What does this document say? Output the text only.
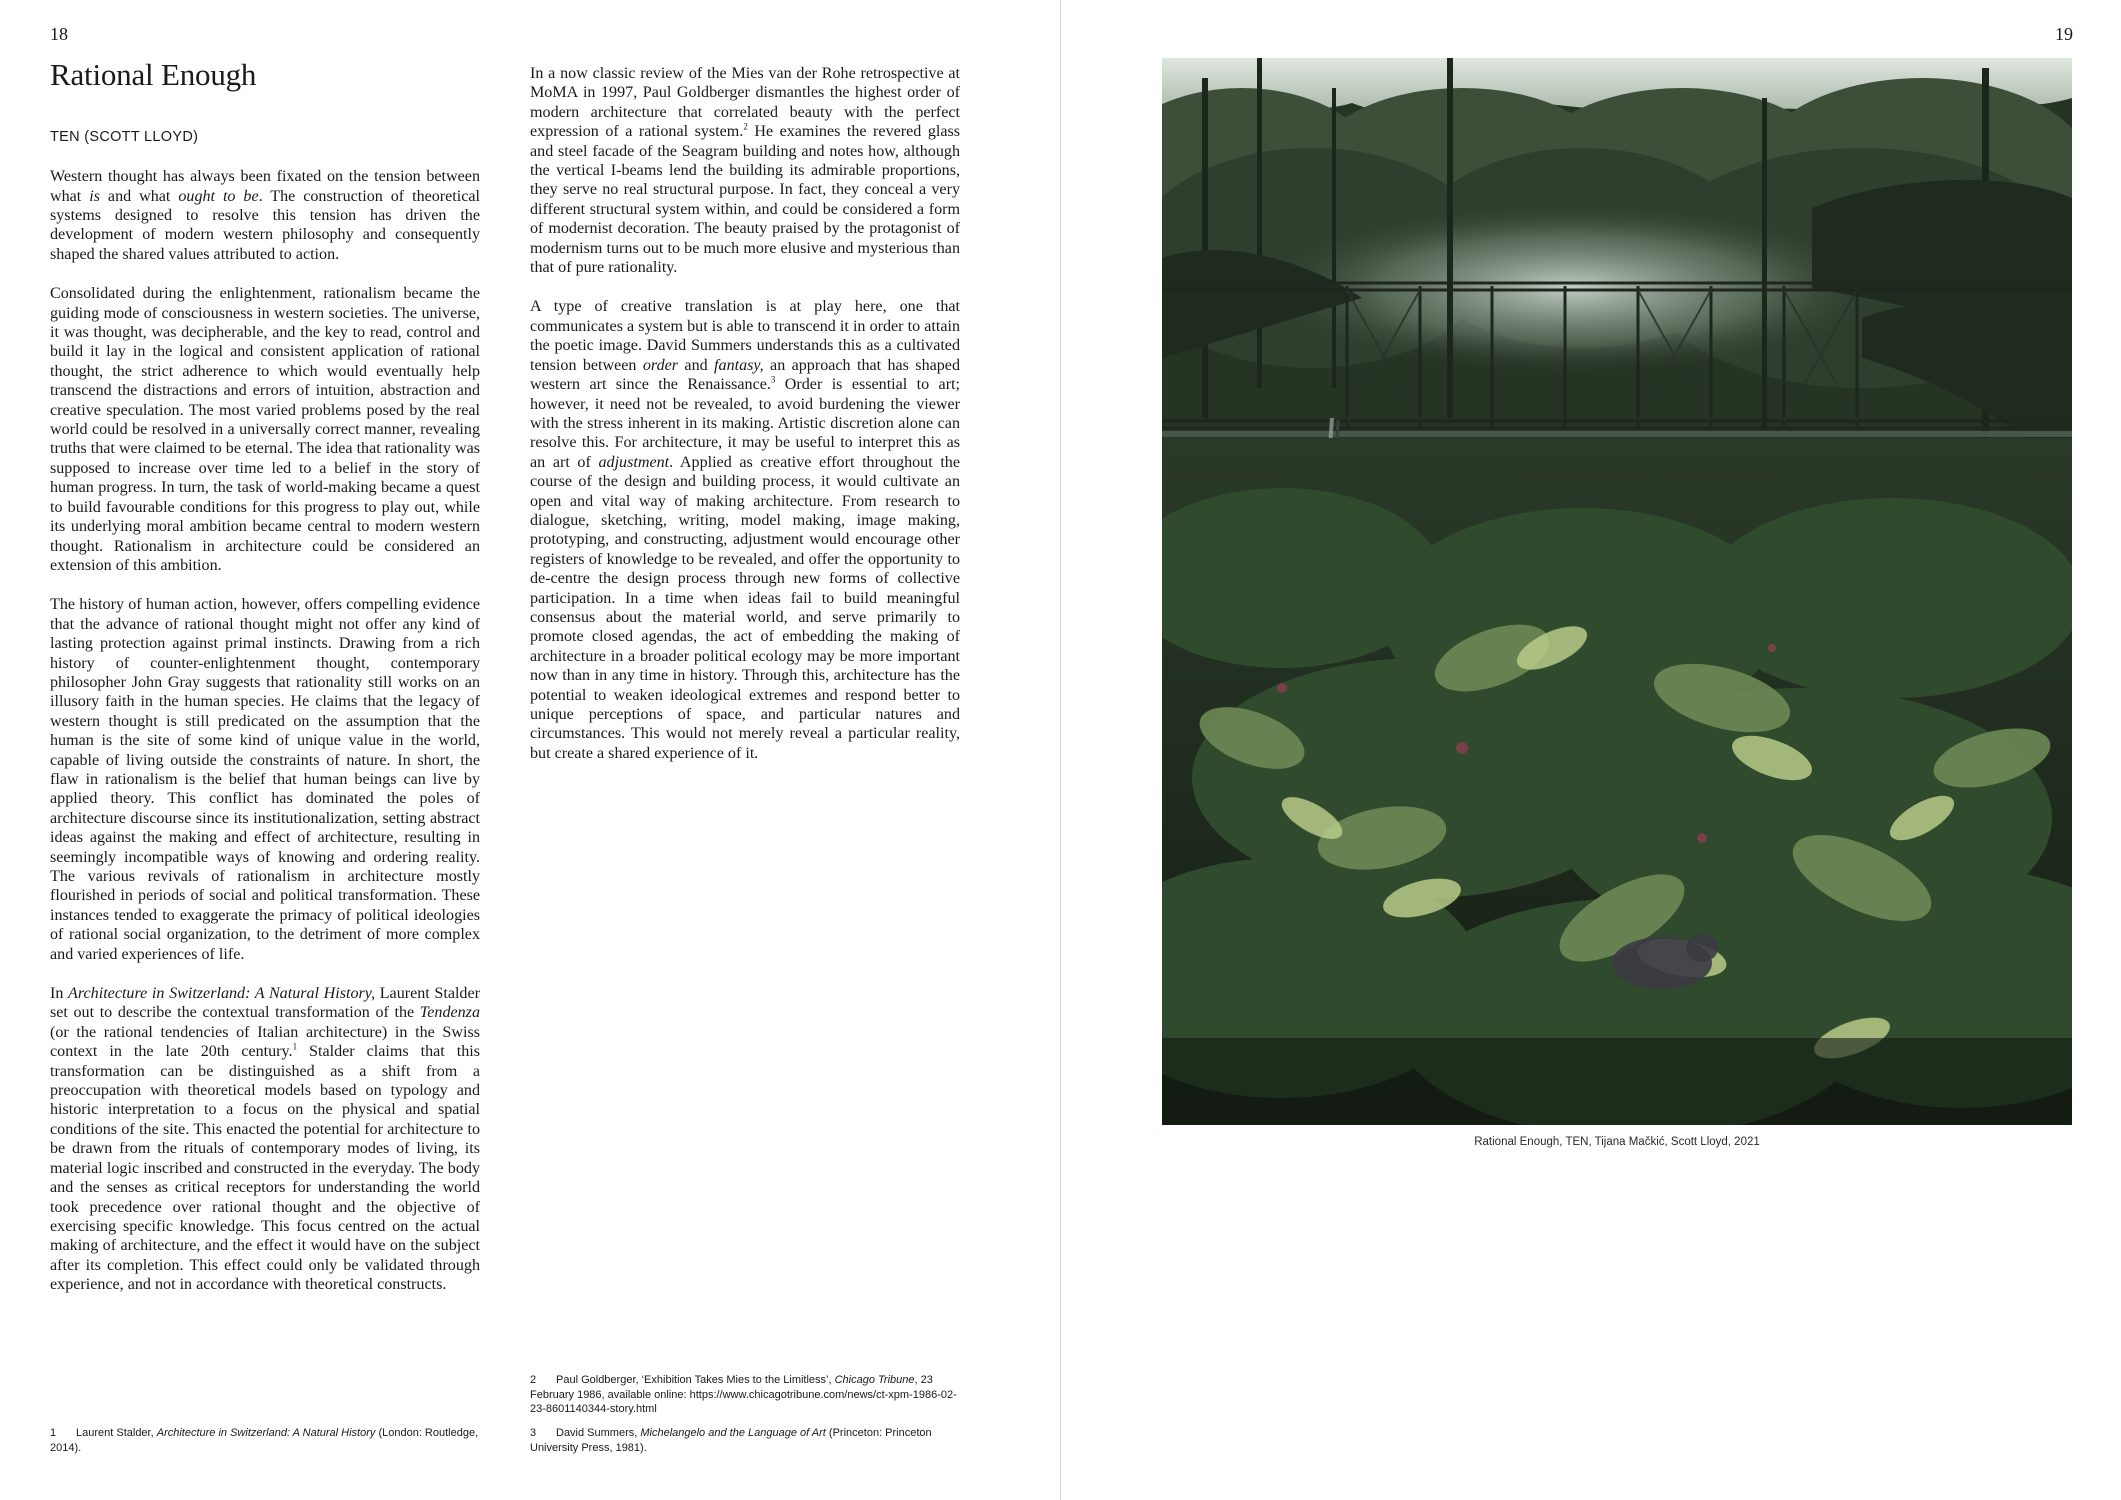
18
Rational Enough
TEN (SCOTT LLOYD)

Western thought has always been fixated on the tension between what is and what ought to be. The construction of theoretical systems designed to resolve this tension has driven the development of modern western philosophy and consequently shaped the shared values attributed to action.

Consolidated during the enlightenment, rationalism became the guiding mode of consciousness in western societies. The universe, it was thought, was decipherable, and the key to read, control and build it lay in the logical and consistent application of rational thought, the strict adherence to which would eventually help transcend the distractions and errors of intuition, abstraction and creative speculation. The most varied problems posed by the real world could be resolved in a universally correct manner, revealing truths that were claimed to be eternal. The idea that rationality was supposed to increase over time led to a belief in the story of human progress. In turn, the task of world-making became a quest to build favourable conditions for this progress to play out, while its underlying moral ambition became central to modern western thought. Rationalism in architecture could be considered an extension of this ambition.

The history of human action, however, offers compelling evidence that the advance of rational thought might not offer any kind of lasting protection against primal instincts. Drawing from a rich history of counter-enlightenment thought, contemporary philosopher John Gray suggests that rationality still works on an illusory faith in the human species. He claims that the legacy of western thought is still predicated on the assumption that the human is the site of some kind of unique value in the world, capable of living outside the constraints of nature. In short, the flaw in rationalism is the belief that human beings can live by applied theory. This conflict has dominated the poles of architecture discourse since its institutionalization, setting abstract ideas against the making and effect of architecture, resulting in seemingly incompatible ways of knowing and ordering reality. The various revivals of rationalism in architecture mostly flourished in periods of social and political transformation. These instances tended to exaggerate the primacy of political ideologies of rational social organization, to the detriment of more complex and varied experiences of life.

In Architecture in Switzerland: A Natural History, Laurent Stalder set out to describe the contextual transformation of the Tendenza (or the rational tendencies of Italian architecture) in the Swiss context in the late 20th century.$^1$ Stalder claims that this transformation can be distinguished as a shift from a preoccupation with theoretical models based on typology and historic interpretation to a focus on the physical and spatial conditions of the site. This enacted the potential for architecture to be drawn from the rituals of contemporary modes of living, its material logic inscribed and constructed in the everyday. The body and the senses as critical receptors for understanding the world took precedence over rational thought and the objective of exercising specific knowledge. This focus centred on the actual making of architecture, and the effect it would have on the subject after its completion. This effect could only be validated through experience, and not in accordance with theoretical constructs.

In a now classic review of the Mies van der Rohe retrospective at MoMA in 1997, Paul Goldberger dismantles the highest order of modern architecture that correlated beauty with the perfect expression of a rational system.$^2$ He examines the revered glass and steel facade of the Seagram building and notes how, although the vertical I-beams lend the building its admirable proportions, they serve no real structural purpose. In fact, they conceal a very different structural system within, and could be considered a form of modernist decoration. The beauty praised by the protagonist of modernism turns out to be much more elusive and mysterious than that of pure rationality.

A type of creative translation is at play here, one that communicates a system but is able to transcend it in order to attain the poetic image. David Summers understands this as a cultivated tension between order and fantasy, an approach that has shaped western art since the Renaissance.$^3$ Order is essential to art; however, it need not be revealed, to avoid burdening the viewer with the stress inherent in its making. Artistic discretion alone can resolve this. For architecture, it may be useful to interpret this as an art of adjustment. Applied as creative effort throughout the course of the design and building process, it would cultivate an open and vital way of making architecture. From research to dialogue, sketching, writing, model making, image making, prototyping, and constructing, adjustment would encourage other registers of knowledge to be revealed, and offer the opportunity to de-centre the design process through new forms of collective participation. In a time when ideas fail to build meaningful consensus about the material world, and serve primarily to promote closed agendas, the act of embedding the making of architecture in a broader political ecology may be more important now than in any time in history. Through this, architecture has the potential to weaken ideological extremes and respond better to unique perceptions of space, and particular natures and circumstances. This would not merely reveal a particular reality, but create a shared experience of it.

1 Laurent Stalder, Architecture in Switzerland: A Natural History (London: Routledge, 2014).
2 Paul Goldberger, ‘Exhibition Takes Mies to the Limitless’, Chicago Tribune, 23 February 1986, available online: https://www.chicagotribune.com/news/ct-xpm-1986-02-23-8601140344-story.html
3 David Summers, Michelangelo and the Language of Art (Princeton: Princeton University Press, 1981).
19
Rational Enough, TEN, Tijana Mačkić, Scott Lloyd, 2021
